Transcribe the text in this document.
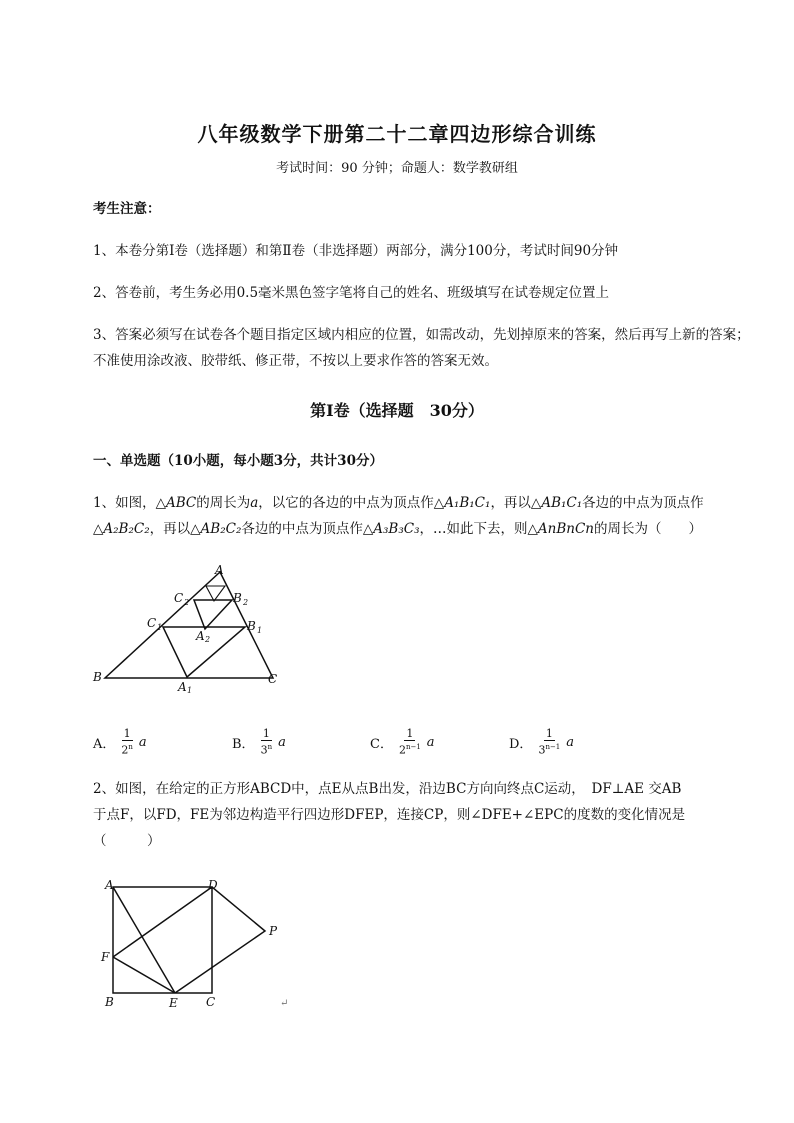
八年级数学下册第二十二章四边形综合训练
考试时间：90 分钟；命题人：数学教研组
考生注意：
1、本卷分第Ⅰ卷（选择题）和第Ⅱ卷（非选择题）两部分，满分100分，考试时间90分钟
2、答卷前，考生务必用0.5毫米黑色签字笔将自己的姓名、班级填写在试卷规定位置上
3、答案必须写在试卷各个题目指定区域内相应的位置，如需改动，先划掉原来的答案，然后再写上新的答案；不准使用涂改液、胶带纸、修正带，不按以上要求作答的答案无效。
第Ⅰ卷（选择题　30分）
一、单选题（10小题，每小题3分，共计30分）
1、如图，△ABC的周长为a，以它的各边的中点为顶点作△A₁B₁C₁，再以△AB₁C₁各边的中点为顶点作
△A₂B₂C₂，再以△AB₂C₂各边的中点为顶点作△A₃B₃C₃，…如此下去，则△AnBnCn的周长为（　　）
A
B	C
C 1	B 1
A 1
C 2	B 2
A 2
A． $\frac{1}{2^n}$ a	B． $\frac{1}{3^n}$ a	C． $\frac{1}{2^{n-1}}$ a	D． $\frac{1}{3^{n-1}}$ a
2、如图，在给定的正方形ABCD中，点E从点B出发，沿边BC方向向终点C运动，　DF⊥AE 交AB
于点F，以FD，FE为邻边构造平行四边形DFEP，连接CP，则∠DFE+∠EPC的度数的变化情况是
（　　　）
A	D
P
F
B	E C	↵
